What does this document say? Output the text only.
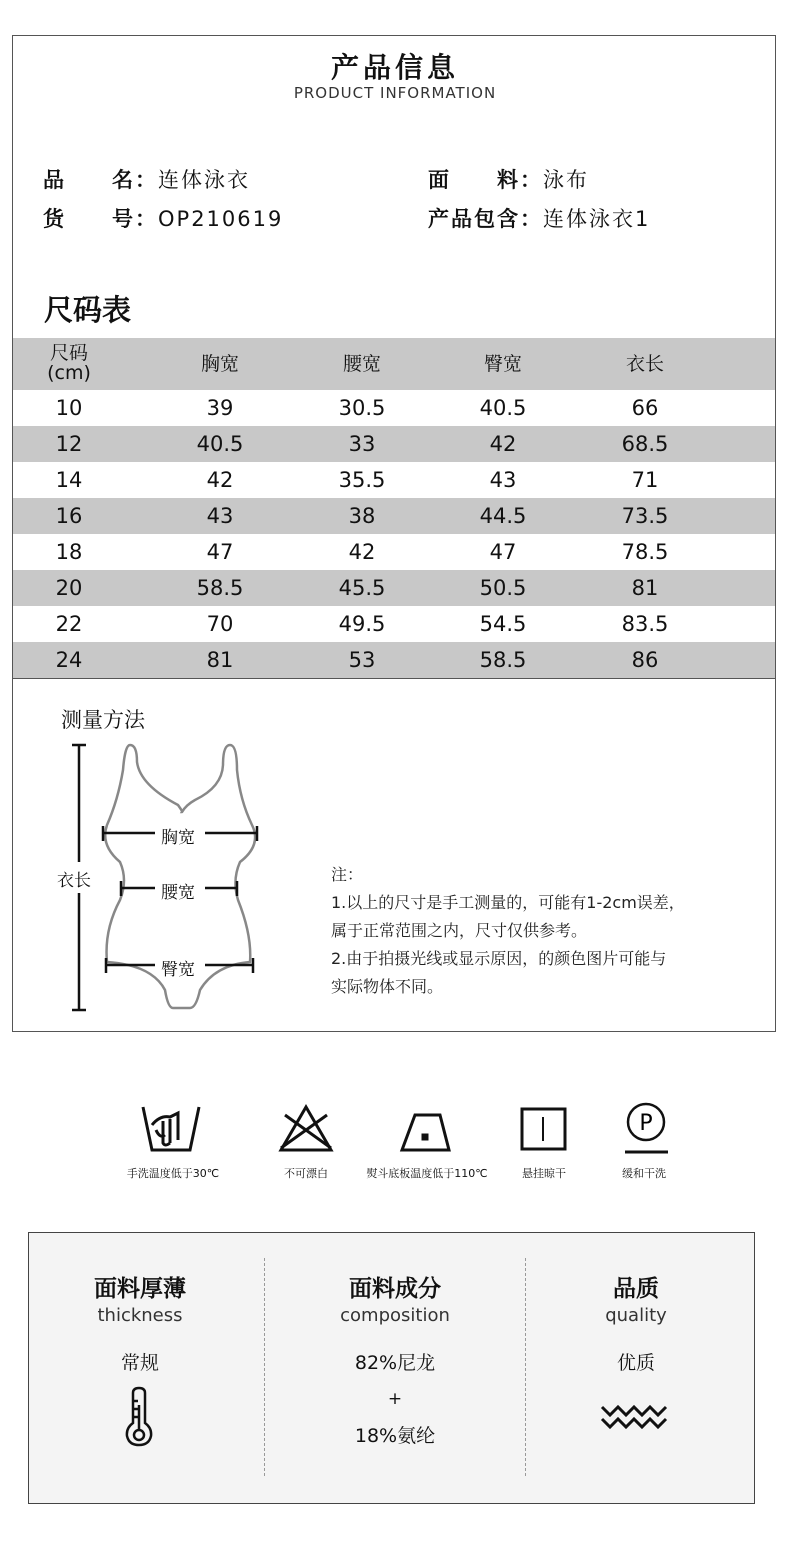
产品信息
PRODUCT INFORMATION
品　　名：连体泳衣	面　　料：泳布
货　　号：OP210619	产品包含：连体泳衣1
尺码表
尺码
(cm)	胸宽	腰宽	臀宽	衣长
10	39	30.5	40.5	66
12	40.5	33	42	68.5
14	42	35.5	43	71
16	43	38	44.5	73.5
18	47	42	47	78.5
20	58.5	45.5	50.5	81
22	70	49.5	54.5	83.5
24	81	53	58.5	86
测量方法
衣长
胸宽
腰宽
臀宽
注：
1.以上的尺寸是手工测量的，可能有1-2cm误差，
属于正常范围之内，尺寸仅供参考。
2.由于拍摄光线或显示原因，的颜色图片可能与
实际物体不同。
P
手洗温度低于30℃	不可漂白	熨斗底板温度低于110℃	悬挂晾干	缓和干洗
面料厚薄
thickness
常规
面料成分
composition
82%尼龙
+
18%氨纶
品质
quality
优质
